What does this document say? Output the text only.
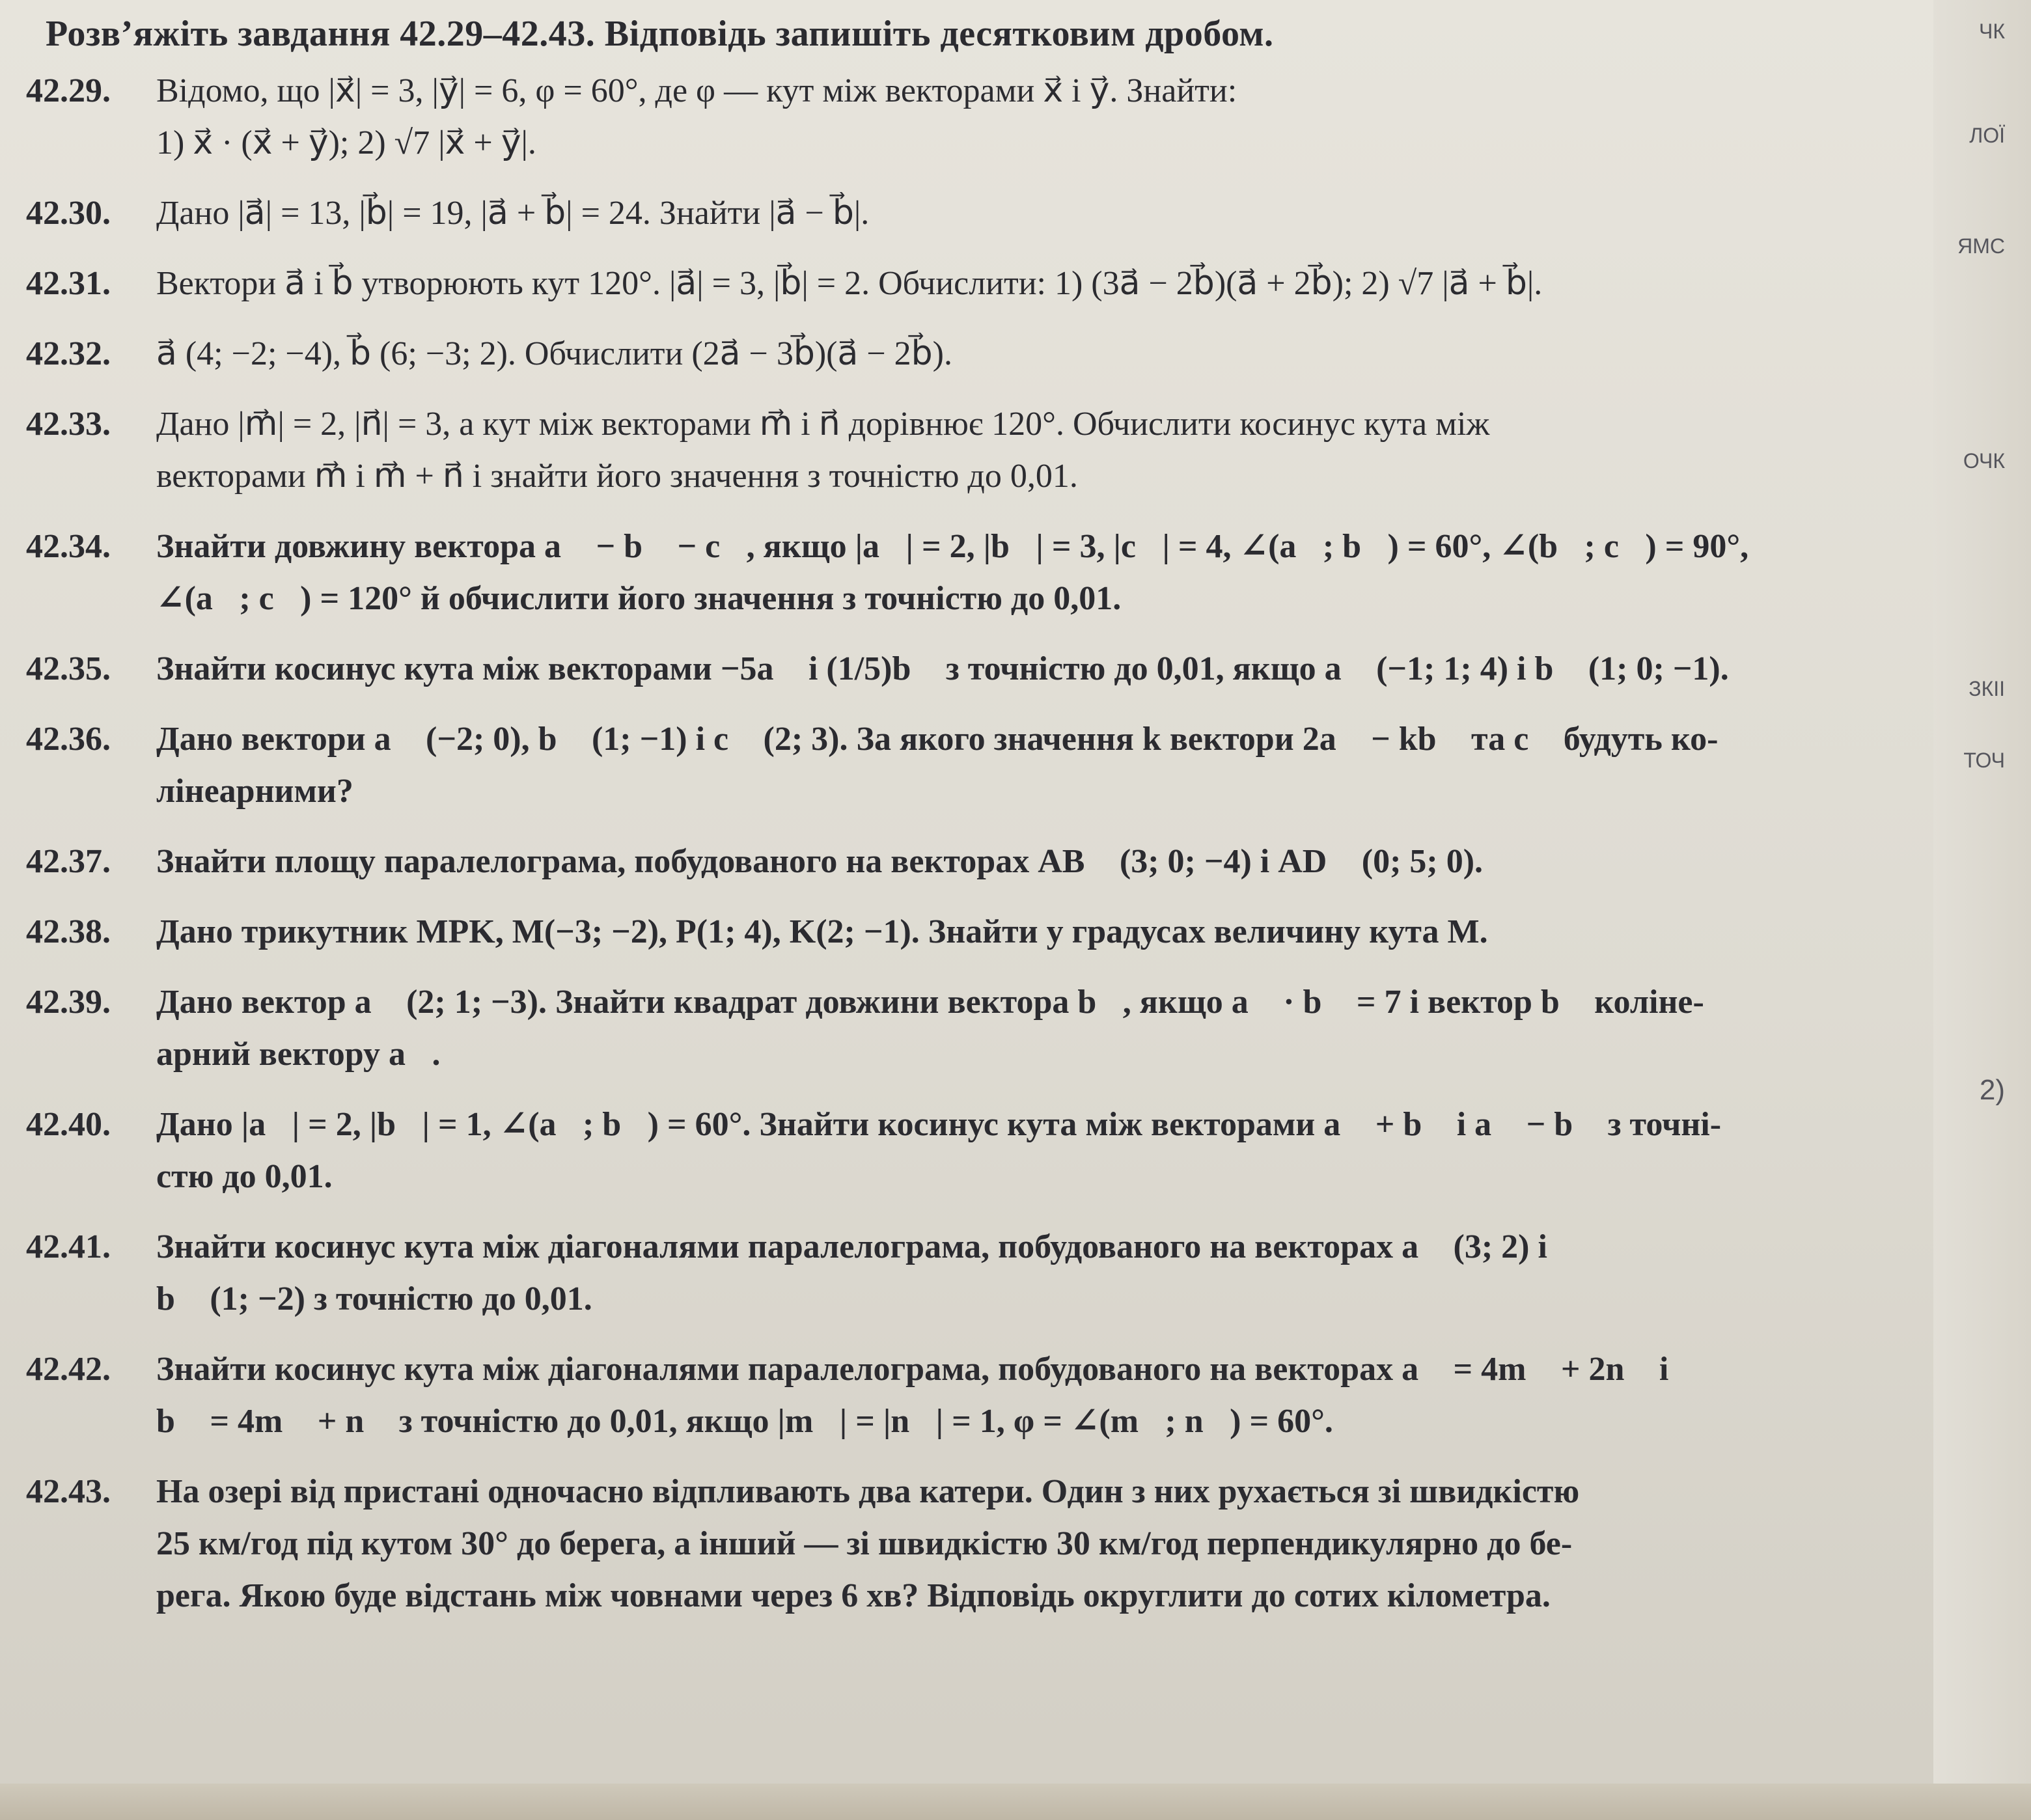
ЧК
ЛОЇ
ЯМС
ОЧК
ЗКІІ
ТОЧ
2)
Розв’яжіть завдання 42.29–42.43. Відповідь запишіть десятковим дробом.
42.29.	Відомо, що |x⃗| = 3, |y⃗| = 6, φ = 60°, де φ — кут між векторами x⃗ і y⃗. Знайти:
1) x⃗ · (x⃗ + y⃗); 2) √7 |x⃗ + y⃗|.
42.30.	Дано |a⃗| = 13, |b⃗| = 19, |a⃗ + b⃗| = 24. Знайти |a⃗ − b⃗|.
42.31.	Вектори a⃗ і b⃗ утворюють кут 120°. |a⃗| = 3, |b⃗| = 2. Обчислити: 1) (3a⃗ − 2b⃗)(a⃗ + 2b⃗); 2) √7 |a⃗ + b⃗|.
42.32.	a⃗ (4; −2; −4), b⃗ (6; −3; 2). Обчислити (2a⃗ − 3b⃗)(a⃗ − 2b⃗).
42.33.	Дано |m⃗| = 2, |n⃗| = 3, а кут між векторами m⃗ і n⃗ дорівнює 120°. Обчислити косинус кута між
векторами m⃗ і m⃗ + n⃗ і знайти його значення з точністю до 0,01.
42.34.	Знайти довжину вектора a⃗ − b⃗ − c⃗, якщо |a⃗| = 2, |b⃗| = 3, |c⃗| = 4, ∠(a⃗; b⃗) = 60°, ∠(b⃗; c⃗) = 90°,
∠(a⃗; c⃗) = 120° й обчислити його значення з точністю до 0,01.
42.35.	Знайти косинус кута між векторами −5a⃗ і (1/5)b⃗ з точністю до 0,01, якщо a⃗ (−1; 1; 4) і b⃗ (1; 0; −1).
42.36.	Дано вектори a⃗ (−2; 0), b⃗ (1; −1) і c⃗ (2; 3). За якого значення k вектори 2a⃗ − kb⃗ та c⃗ будуть ко-
лінеарними?
42.37.	Знайти площу паралелограма, побудованого на векторах AB⃗ (3; 0; −4) і AD⃗ (0; 5; 0).
42.38.	Дано трикутник MPK, M(−3; −2), P(1; 4), K(2; −1). Знайти у градусах величину кута M.
42.39.	Дано вектор a⃗ (2; 1; −3). Знайти квадрат довжини вектора b⃗, якщо a⃗ · b⃗ = 7 і вектор b⃗ коліне-
арний вектору a⃗.
42.40.	Дано |a⃗| = 2, |b⃗| = 1, ∠(a⃗; b⃗) = 60°. Знайти косинус кута між векторами a⃗ + b⃗ і a⃗ − b⃗ з точні-
стю до 0,01.
42.41.	Знайти косинус кута між діагоналями паралелограма, побудованого на векторах a⃗ (3; 2) і
b⃗ (1; −2) з точністю до 0,01.
42.42.	Знайти косинус кута між діагоналями паралелограма, побудованого на векторах a⃗ = 4m⃗ + 2n⃗ і
b⃗ = 4m⃗ + n⃗ з точністю до 0,01, якщо |m⃗| = |n⃗| = 1, φ = ∠(m⃗; n⃗) = 60°.
42.43.	На озері від пристані одночасно відпливають два катери. Один з них рухається зі швидкістю
25 км/год під кутом 30° до берега, а інший — зі швидкістю 30 км/год перпендикулярно до бе-
рега. Якою буде відстань між човнами через 6 хв? Відповідь округлити до сотих кілометра.
